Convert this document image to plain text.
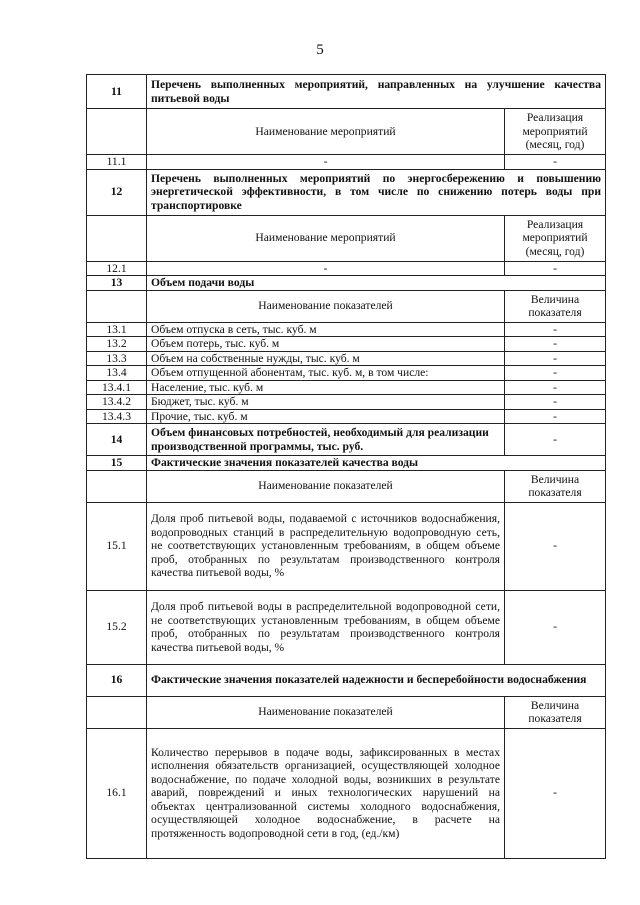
5
11	Перечень выполненных мероприятий, направленных на улучшение качества питьевой воды	
	Наименование мероприятий	Реализация мероприятий (месяц, год)
11.1	-	-
12	Перечень выполненных мероприятий по энергосбережению и повышению энергетической эффективности, в том числе по снижению потерь воды при транспортировке	
	Наименование мероприятий	Реализация мероприятий (месяц, год)
12.1	-	-
13	Объем подачи воды	
	Наименование показателей	Величина показателя
13.1	Объем отпуска в сеть, тыс. куб. м	-
13.2	Объем потерь, тыс. куб. м	-
13.3	Объем на собственные нужды, тыс. куб. м	-
13.4	Объем отпущенной абонентам, тыс. куб. м, в том числе:	-
13.4.1	Население, тыс. куб. м	-
13.4.2	Бюджет, тыс. куб. м	-
13.4.3	Прочие, тыс. куб. м	-
14	Объем финансовых потребностей, необходимый для реализации производственной программы, тыс. руб.	-
15	Фактические значения показателей качества воды	
	Наименование показателей	Величина показателя
15.1	Доля проб питьевой воды, подаваемой с источников водоснабжения, водопроводных станций в распределительную водопроводную сеть, не соответствующих установленным требованиям, в общем объеме проб, отобранных по результатам производственного контроля качества питьевой воды, %	-
15.2	Доля проб питьевой воды в распределительной водопроводной сети, не соответствующих установленным требованиям, в общем объеме проб, отобранных по результатам производственного контроля качества питьевой воды, %	-
16	Фактические значения показателей надежности и бесперебойности водоснабжения	
	Наименование показателей	Величина показателя
16.1	Количество перерывов в подаче воды, зафиксированных в местах исполнения обязательств организацией, осуществляющей холодное водоснабжение, по подаче холодной воды, возникших в результате аварий, повреждений и иных технологических нарушений на объектах централизованной системы холодного водоснабжения, осуществляющей холодное водоснабжение, в расчете на протяженность водопроводной сети в год, (ед./км)	-
